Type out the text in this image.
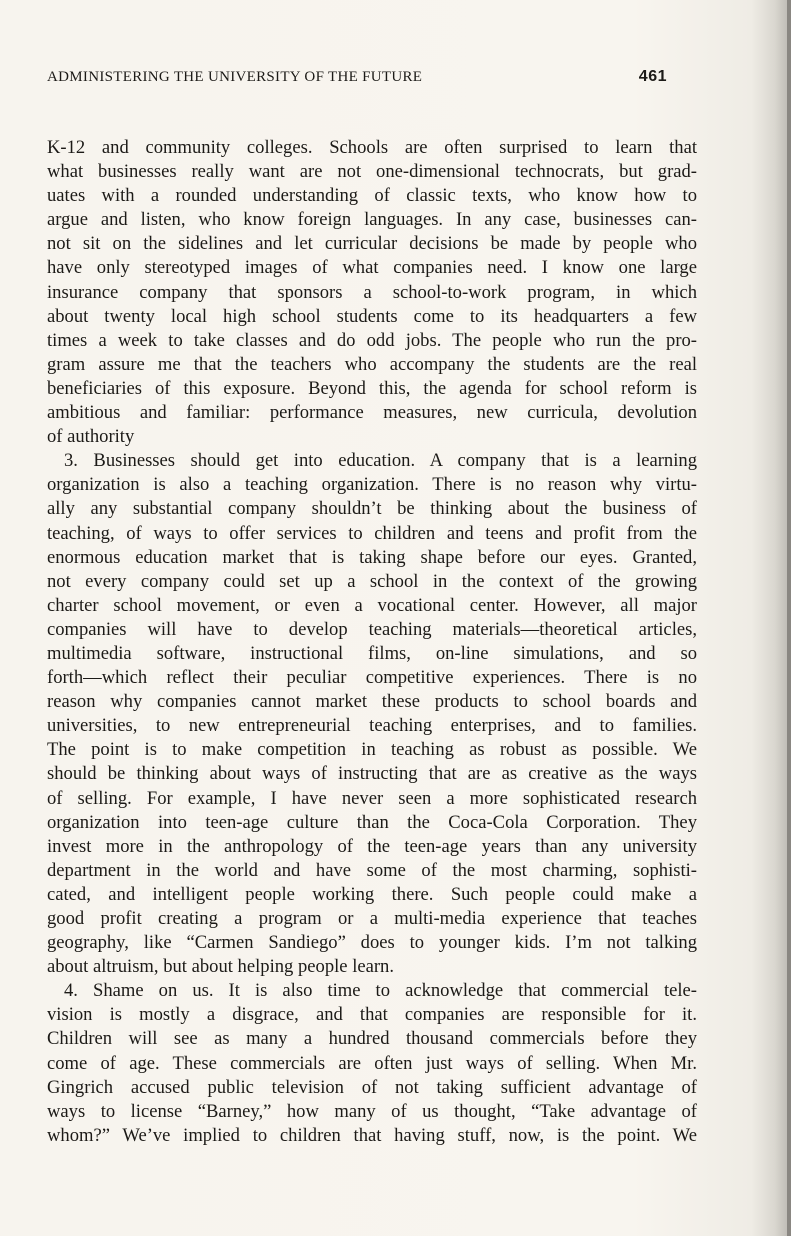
ADMINISTERING THE UNIVERSITY OF THE FUTURE	461
K-12 and community colleges. Schools are often surprised to learn that
what businesses really want are not one-dimensional technocrats, but grad-
uates with a rounded understanding of classic texts, who know how to
argue and listen, who know foreign languages. In any case, businesses can-
not sit on the sidelines and let curricular decisions be made by people who
have only stereotyped images of what companies need. I know one large
insurance company that sponsors a school-to-work program, in which
about twenty local high school students come to its headquarters a few
times a week to take classes and do odd jobs. The people who run the pro-
gram assure me that the teachers who accompany the students are the real
beneficiaries of this exposure. Beyond this, the agenda for school reform is
ambitious and familiar: performance measures, new curricula, devolution
of authority
3. Businesses should get into education. A company that is a learning
organization is also a teaching organization. There is no reason why virtu-
ally any substantial company shouldn’t be thinking about the business of
teaching, of ways to offer services to children and teens and profit from the
enormous education market that is taking shape before our eyes. Granted,
not every company could set up a school in the context of the growing
charter school movement, or even a vocational center. However, all major
companies will have to develop teaching materials—theoretical articles,
multimedia software, instructional films, on-line simulations, and so
forth—which reflect their peculiar competitive experiences. There is no
reason why companies cannot market these products to school boards and
universities, to new entrepreneurial teaching enterprises, and to families.
The point is to make competition in teaching as robust as possible. We
should be thinking about ways of instructing that are as creative as the ways
of selling. For example, I have never seen a more sophisticated research
organization into teen-age culture than the Coca-Cola Corporation. They
invest more in the anthropology of the teen-age years than any university
department in the world and have some of the most charming, sophisti-
cated, and intelligent people working there. Such people could make a
good profit creating a program or a multi-media experience that teaches
geography, like “Carmen Sandiego” does to younger kids. I’m not talking
about altruism, but about helping people learn.
4. Shame on us. It is also time to acknowledge that commercial tele-
vision is mostly a disgrace, and that companies are responsible for it.
Children will see as many a hundred thousand commercials before they
come of age. These commercials are often just ways of selling. When Mr.
Gingrich accused public television of not taking sufficient advantage of
ways to license “Barney,” how many of us thought, “Take advantage of
whom?” We’ve implied to children that having stuff, now, is the point. We
